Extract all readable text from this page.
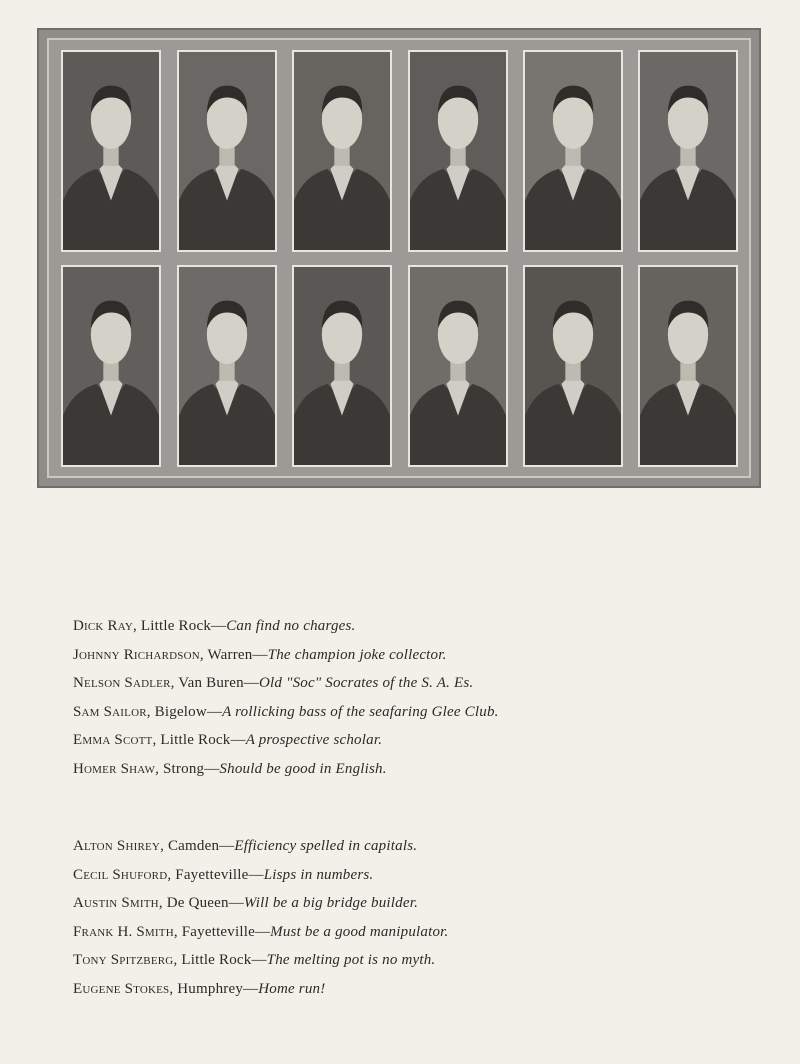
Dick Ray, Little Rock—Can find no charges.
Johnny Richardson, Warren—The champion joke collector.
Nelson Sadler, Van Buren—Old "Soc" Socrates of the S. A. Es.
Sam Sailor, Bigelow—A rollicking bass of the seafaring Glee Club.
Emma Scott, Little Rock—A prospective scholar.
Homer Shaw, Strong—Should be good in English.
Alton Shirey, Camden—Efficiency spelled in capitals.
Cecil Shuford, Fayetteville—Lisps in numbers.
Austin Smith, De Queen—Will be a big bridge builder.
Frank H. Smith, Fayetteville—Must be a good manipulator.
Tony Spitzberg, Little Rock—The melting pot is no myth.
Eugene Stokes, Humphrey—Home run!
